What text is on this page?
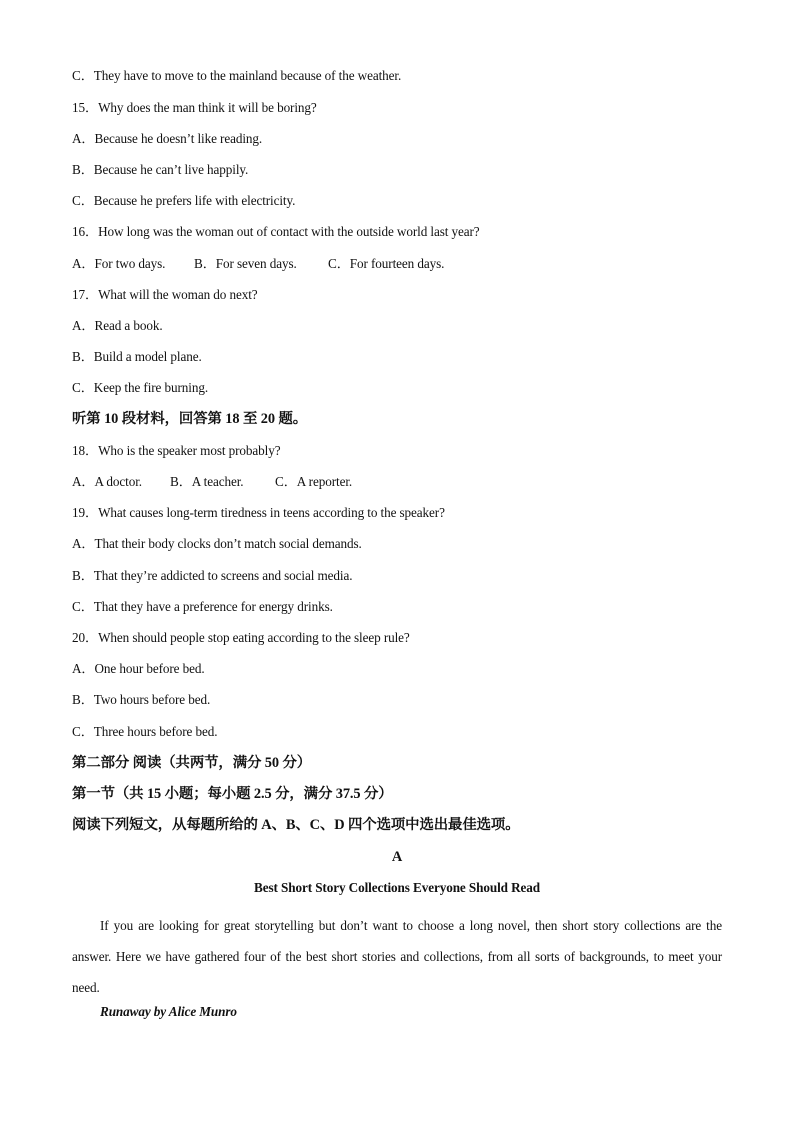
C．They have to move to the mainland because of the weather.
15．Why does the man think it will be boring?
A．Because he doesn’t like reading.
B．Because he can’t live happily.
C．Because he prefers life with electricity.
16．How long was the woman out of contact with the outside world last year?
A．For two days. B．For seven days. C．For fourteen days.
17．What will the woman do next?
A．Read a book.
B．Build a model plane.
C．Keep the fire burning.
听第 10 段材料，回答第 18 至 20 题。
18．Who is the speaker most probably?
A．A doctor. B．A teacher. C．A reporter.
19．What causes long-term tiredness in teens according to the speaker?
A．That their body clocks don’t match social demands.
B．That they’re addicted to screens and social media.
C．That they have a preference for energy drinks.
20．When should people stop eating according to the sleep rule?
A．One hour before bed.
B．Two hours before bed.
C．Three hours before bed.
第二部分 阅读（共两节，满分 50 分）
第一节（共 15 小题；每小题 2.5 分，满分 37.5 分）
阅读下列短文，从每题所给的 A、B、C、D 四个选项中选出最佳选项。
A
Best Short Story Collections Everyone Should Read
If you are looking for great storytelling but don’t want to choose a long novel, then short story collections are the answer. Here we have gathered four of the best short stories and collections, from all sorts of backgrounds, to meet your need.
Runaway by Alice Munro
